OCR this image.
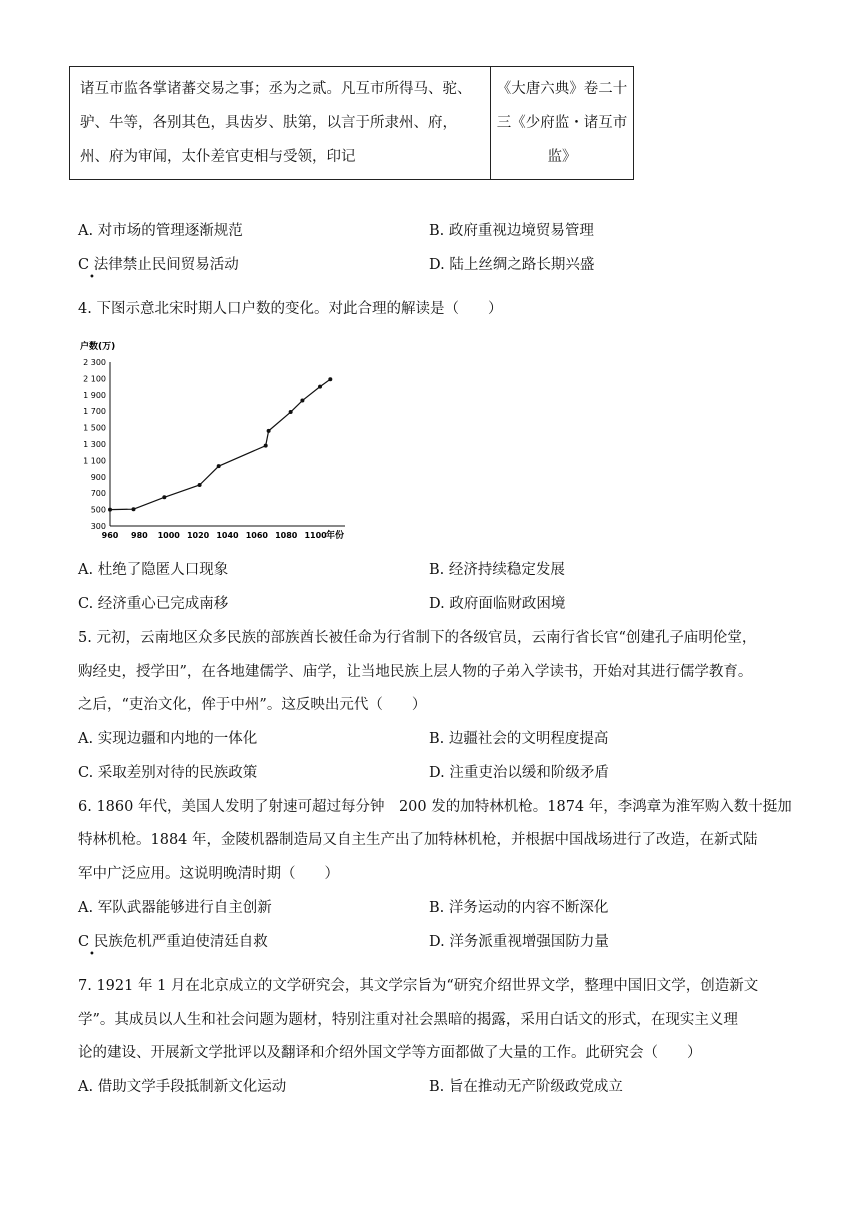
诸互市监各掌诸蕃交易之事；丞为之贰。凡互市所得马、驼、
驴、牛等，各别其色，具齿岁、肤第，以言于所隶州、府，
州、府为审闻，太仆差官吏相与受领，印记

《大唐六典》卷二十
三《少府监・诸互市
监》
A. 对市场的管理逐渐规范	B. 政府重视边境贸易管理
C 法律禁止民间贸易活动
•
D. 陆上丝绸之路长期兴盛
4. 下图示意北宋时期人口户数的变化。对此合理的解读是（　　）
户数(万)
年份
2 300
2 100
1 900
1 700
1 500
1 300
1 100
900
700
500
300
960 980 1000 1020 1040 1060 1080 1100
A. 杜绝了隐匿人口现象	B. 经济持续稳定发展
C. 经济重心已完成南移	D. 政府面临财政困境
5. 元初，云南地区众多民族的部族酋长被任命为行省制下的各级官员，云南行省长官“创建孔子庙明伦堂，
购经史，授学田”，在各地建儒学、庙学，让当地民族上层人物的子弟入学读书，开始对其进行儒学教育。
之后，“吏治文化，侔于中州”。这反映出元代（　　）
A. 实现边疆和内地的一体化	B. 边疆社会的文明程度提高
C. 采取差别对待的民族政策	D. 注重吏治以缓和阶级矛盾
6. 1860 年代，美国人发明了射速可超过每分钟　200 发的加特林机枪。1874 年，李鸿章为淮军购入数十挺加
特林机枪。1884 年，金陵机器制造局又自主生产出了加特林机枪，并根据中国战场进行了改造，在新式陆
军中广泛应用。这说明晚清时期（　　）
A. 军队武器能够进行自主创新	B. 洋务运动的内容不断深化
C 民族危机严重迫使清廷自救
•
D. 洋务派重视增强国防力量
7. 1921 年 1 月在北京成立的文学研究会，其文学宗旨为“研究介绍世界文学，整理中国旧文学，创造新文
学”。其成员以人生和社会问题为题材，特别注重对社会黑暗的揭露，采用白话文的形式，在现实主义理
论的建设、开展新文学批评以及翻译和介绍外国文学等方面都做了大量的工作。此研究会（　　）
A. 借助文学手段抵制新文化运动	B. 旨在推动无产阶级政党成立
